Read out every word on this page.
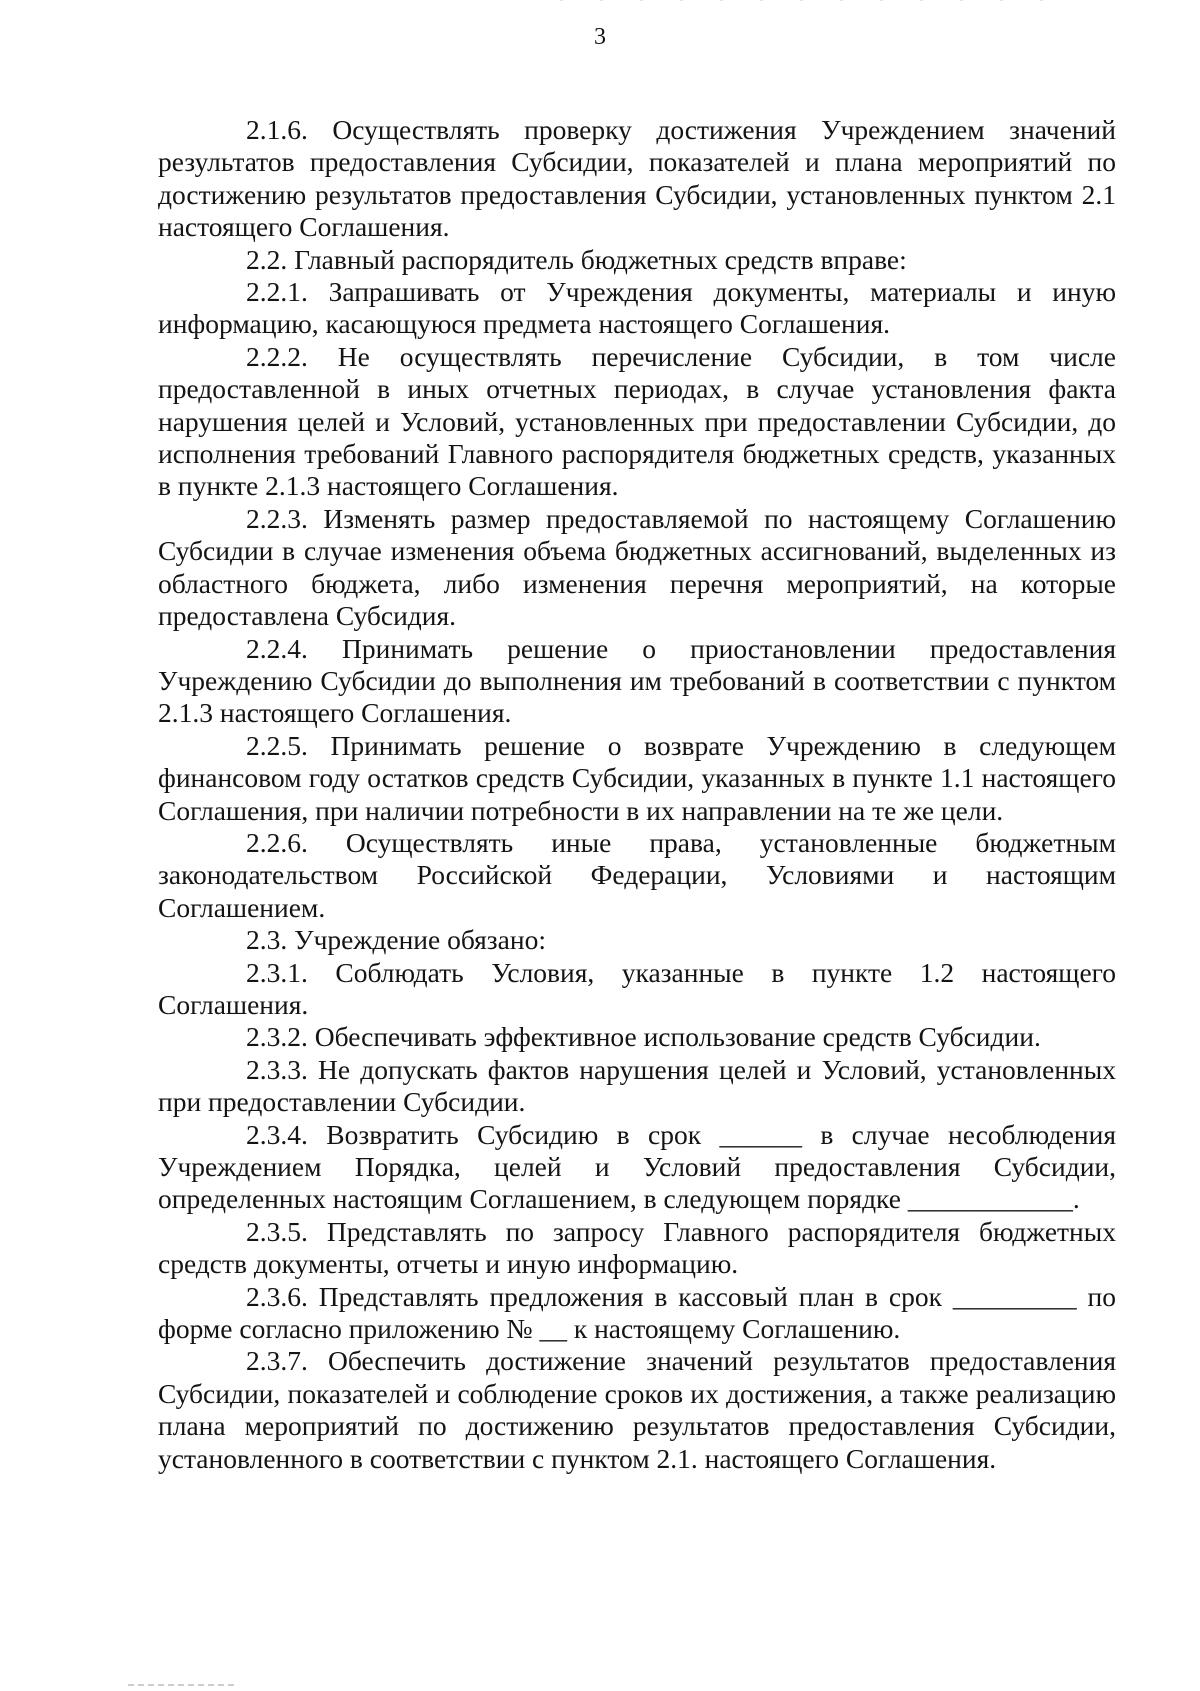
3

2.1.6. Осуществлять проверку достижения Учреждением значений результатов предоставления Субсидии, показателей и плана мероприятий по достижению результатов предоставления Субсидии, установленных пунктом 2.1 настоящего Соглашения.

2.2. Главный распорядитель бюджетных средств вправе:

2.2.1. Запрашивать от Учреждения документы, материалы и иную информацию, касающуюся предмета настоящего Соглашения.

2.2.2. Не осуществлять перечисление Субсидии, в том числе предоставленной в иных отчетных периодах, в случае установления факта нарушения целей и Условий, установленных при предоставлении Субсидии, до исполнения требований Главного распорядителя бюджетных средств, указанных в пункте 2.1.3 настоящего Соглашения.

2.2.3. Изменять размер предоставляемой по настоящему Соглашению Субсидии в случае изменения объема бюджетных ассигнований, выделенных из областного бюджета, либо изменения перечня мероприятий, на которые предоставлена Субсидия.

2.2.4. Принимать решение о приостановлении предоставления Учреждению Субсидии до выполнения им требований в соответствии с пунктом 2.1.3 настоящего Соглашения.

2.2.5. Принимать решение о возврате Учреждению в следующем финансовом году остатков средств Субсидии, указанных в пункте 1.1 настоящего Соглашения, при наличии потребности в их направлении на те же цели.

2.2.6. Осуществлять иные права, установленные бюджетным законодательством Российской Федерации, Условиями и настоящим Соглашением.

2.3. Учреждение обязано:

2.3.1. Соблюдать Условия, указанные в пункте 1.2 настоящего Соглашения.

2.3.2. Обеспечивать эффективное использование средств Субсидии.

2.3.3. Не допускать фактов нарушения целей и Условий, установленных при предоставлении Субсидии.

2.3.4. Возвратить Субсидию в срок ______ в случае несоблюдения Учреждением Порядка, целей и Условий предоставления Субсидии, определенных настоящим Соглашением, в следующем порядке ____________.

2.3.5. Представлять по запросу Главного распорядителя бюджетных средств документы, отчеты и иную информацию.

2.3.6. Представлять предложения в кассовый план в срок _________ по форме согласно приложению № __ к настоящему Соглашению.

2.3.7. Обеспечить достижение значений результатов предоставления Субсидии, показателей и соблюдение сроков их достижения, а также реализацию плана мероприятий по достижению результатов предоставления Субсидии, установленного в соответствии с пунктом 2.1. настоящего Соглашения.
